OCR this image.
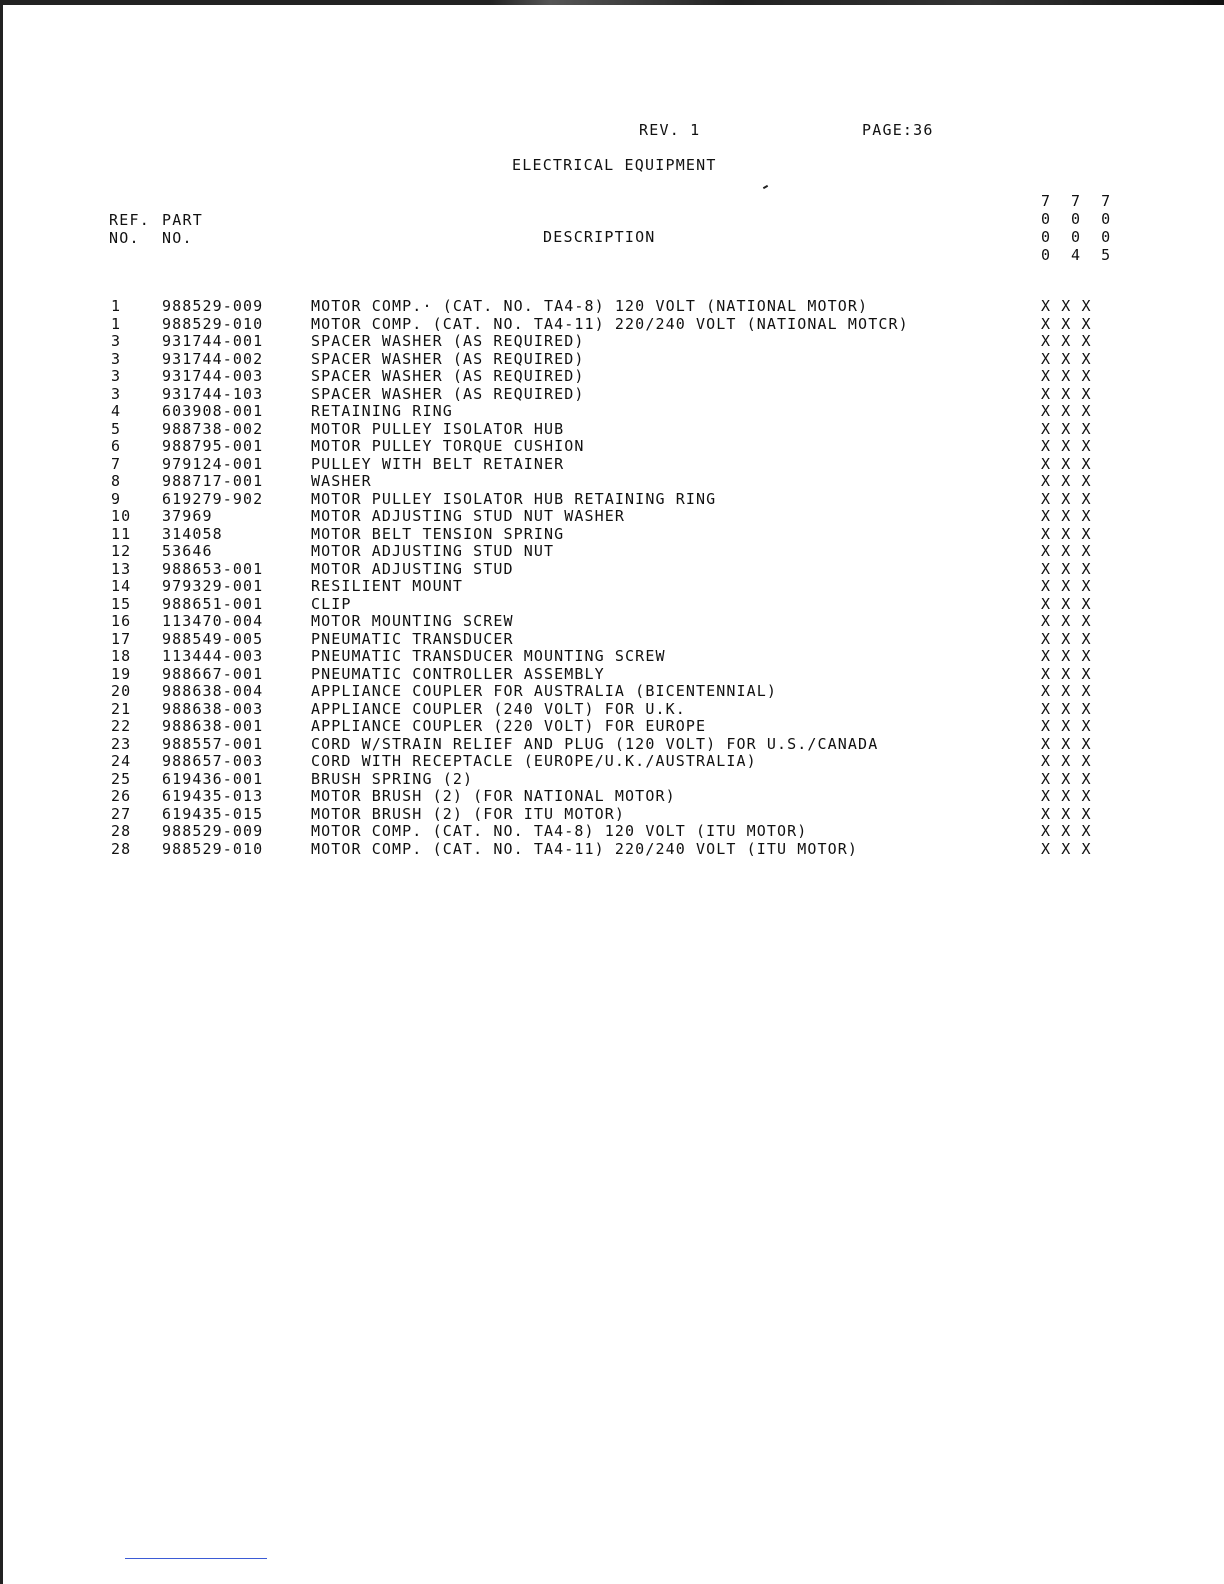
REV. 1	PAGE:36
ELECTRICAL EQUIPMENT
REF.
NO.
PART
NO.	DESCRIPTION
7 7 7
0 0 0
0 0 0
0 4 5
1	988529-009	MOTOR COMP.· (CAT. NO. TA4-8) 120 VOLT (NATIONAL MOTOR)	X X X
1	988529-010	MOTOR COMP. (CAT. NO. TA4-11) 220/240 VOLT (NATIONAL MOTCR)	X X X
3	931744-001	SPACER WASHER (AS REQUIRED)	X X X
3	931744-002	SPACER WASHER (AS REQUIRED)	X X X
3	931744-003	SPACER WASHER (AS REQUIRED)	X X X
3	931744-103	SPACER WASHER (AS REQUIRED)	X X X
4	603908-001	RETAINING RING	X X X
5	988738-002	MOTOR PULLEY ISOLATOR HUB	X X X
6	988795-001	MOTOR PULLEY TORQUE CUSHION	X X X
7	979124-001	PULLEY WITH BELT RETAINER	X X X
8	988717-001	WASHER	X X X
9	619279-902	MOTOR PULLEY ISOLATOR HUB RETAINING RING	X X X
10 37969	MOTOR ADJUSTING STUD NUT WASHER	X X X
11 314058	MOTOR BELT TENSION SPRING	X X X
12 53646	MOTOR ADJUSTING STUD NUT	X X X
13 988653-001	MOTOR ADJUSTING STUD	X X X
14 979329-001	RESILIENT MOUNT	X X X
15 988651-001	CLIP	X X X
16 113470-004	MOTOR MOUNTING SCREW	X X X
17 988549-005	PNEUMATIC TRANSDUCER	X X X
18 113444-003	PNEUMATIC TRANSDUCER MOUNTING SCREW	X X X
19 988667-001	PNEUMATIC CONTROLLER ASSEMBLY	X X X
20 988638-004	APPLIANCE COUPLER FOR AUSTRALIA (BICENTENNIAL)	X X X
21 988638-003	APPLIANCE COUPLER (240 VOLT) FOR U.K.	X X X
22 988638-001	APPLIANCE COUPLER (220 VOLT) FOR EUROPE	X X X
23 988557-001	CORD W/STRAIN RELIEF AND PLUG (120 VOLT) FOR U.S./CANADA	X X X
24 988657-003	CORD WITH RECEPTACLE (EUROPE/U.K./AUSTRALIA)	X X X
25 619436-001	BRUSH SPRING (2)	X X X
26 619435-013	MOTOR BRUSH (2) (FOR NATIONAL MOTOR)	X X X
27 619435-015	MOTOR BRUSH (2) (FOR ITU MOTOR)	X X X
28 988529-009	MOTOR COMP. (CAT. NO. TA4-8) 120 VOLT (ITU MOTOR)	X X X
28 988529-010	MOTOR COMP. (CAT. NO. TA4-11) 220/240 VOLT (ITU MOTOR)	X X X
